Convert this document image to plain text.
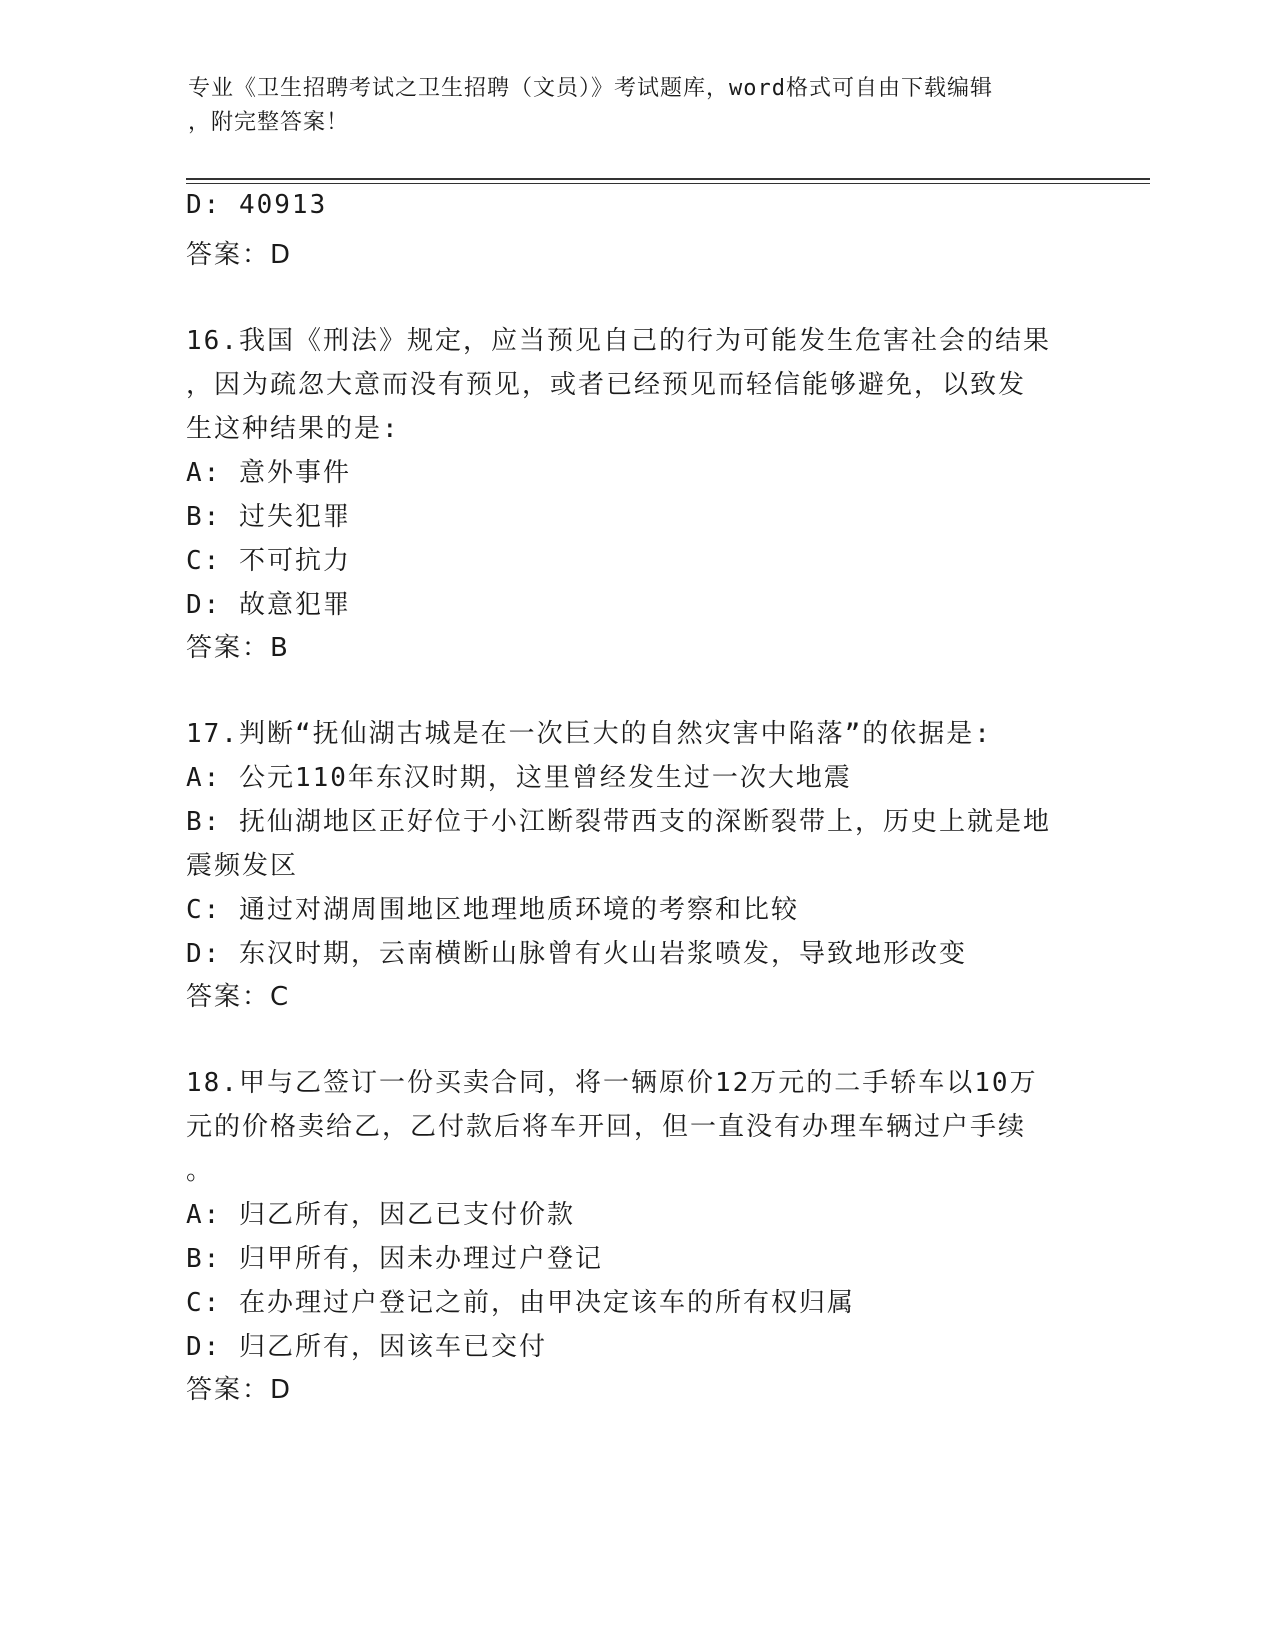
专业《卫生招聘考试之卫生招聘（文员）》考试题库，word格式可自由下载编辑
，附完整答案！
D: 40913
答案：D
16.我国《刑法》规定，应当预见自己的行为可能发生危害社会的结果
，因为疏忽大意而没有预见，或者已经预见而轻信能够避免，以致发
生这种结果的是:
A: 意外事件
B: 过失犯罪
C: 不可抗力
D: 故意犯罪
答案：B
17.判断“抚仙湖古城是在一次巨大的自然灾害中陷落”的依据是:
A: 公元110年东汉时期，这里曾经发生过一次大地震
B: 抚仙湖地区正好位于小江断裂带西支的深断裂带上，历史上就是地
震频发区
C: 通过对湖周围地区地理地质环境的考察和比较
D: 东汉时期，云南横断山脉曾有火山岩浆喷发，导致地形改变
答案：C
18.甲与乙签订一份买卖合同，将一辆原价12万元的二手轿车以10万
元的价格卖给乙，乙付款后将车开回，但一直没有办理车辆过户手续
。
A: 归乙所有，因乙已支付价款
B: 归甲所有，因未办理过户登记
C: 在办理过户登记之前，由甲决定该车的所有权归属
D: 归乙所有，因该车已交付
答案：D
